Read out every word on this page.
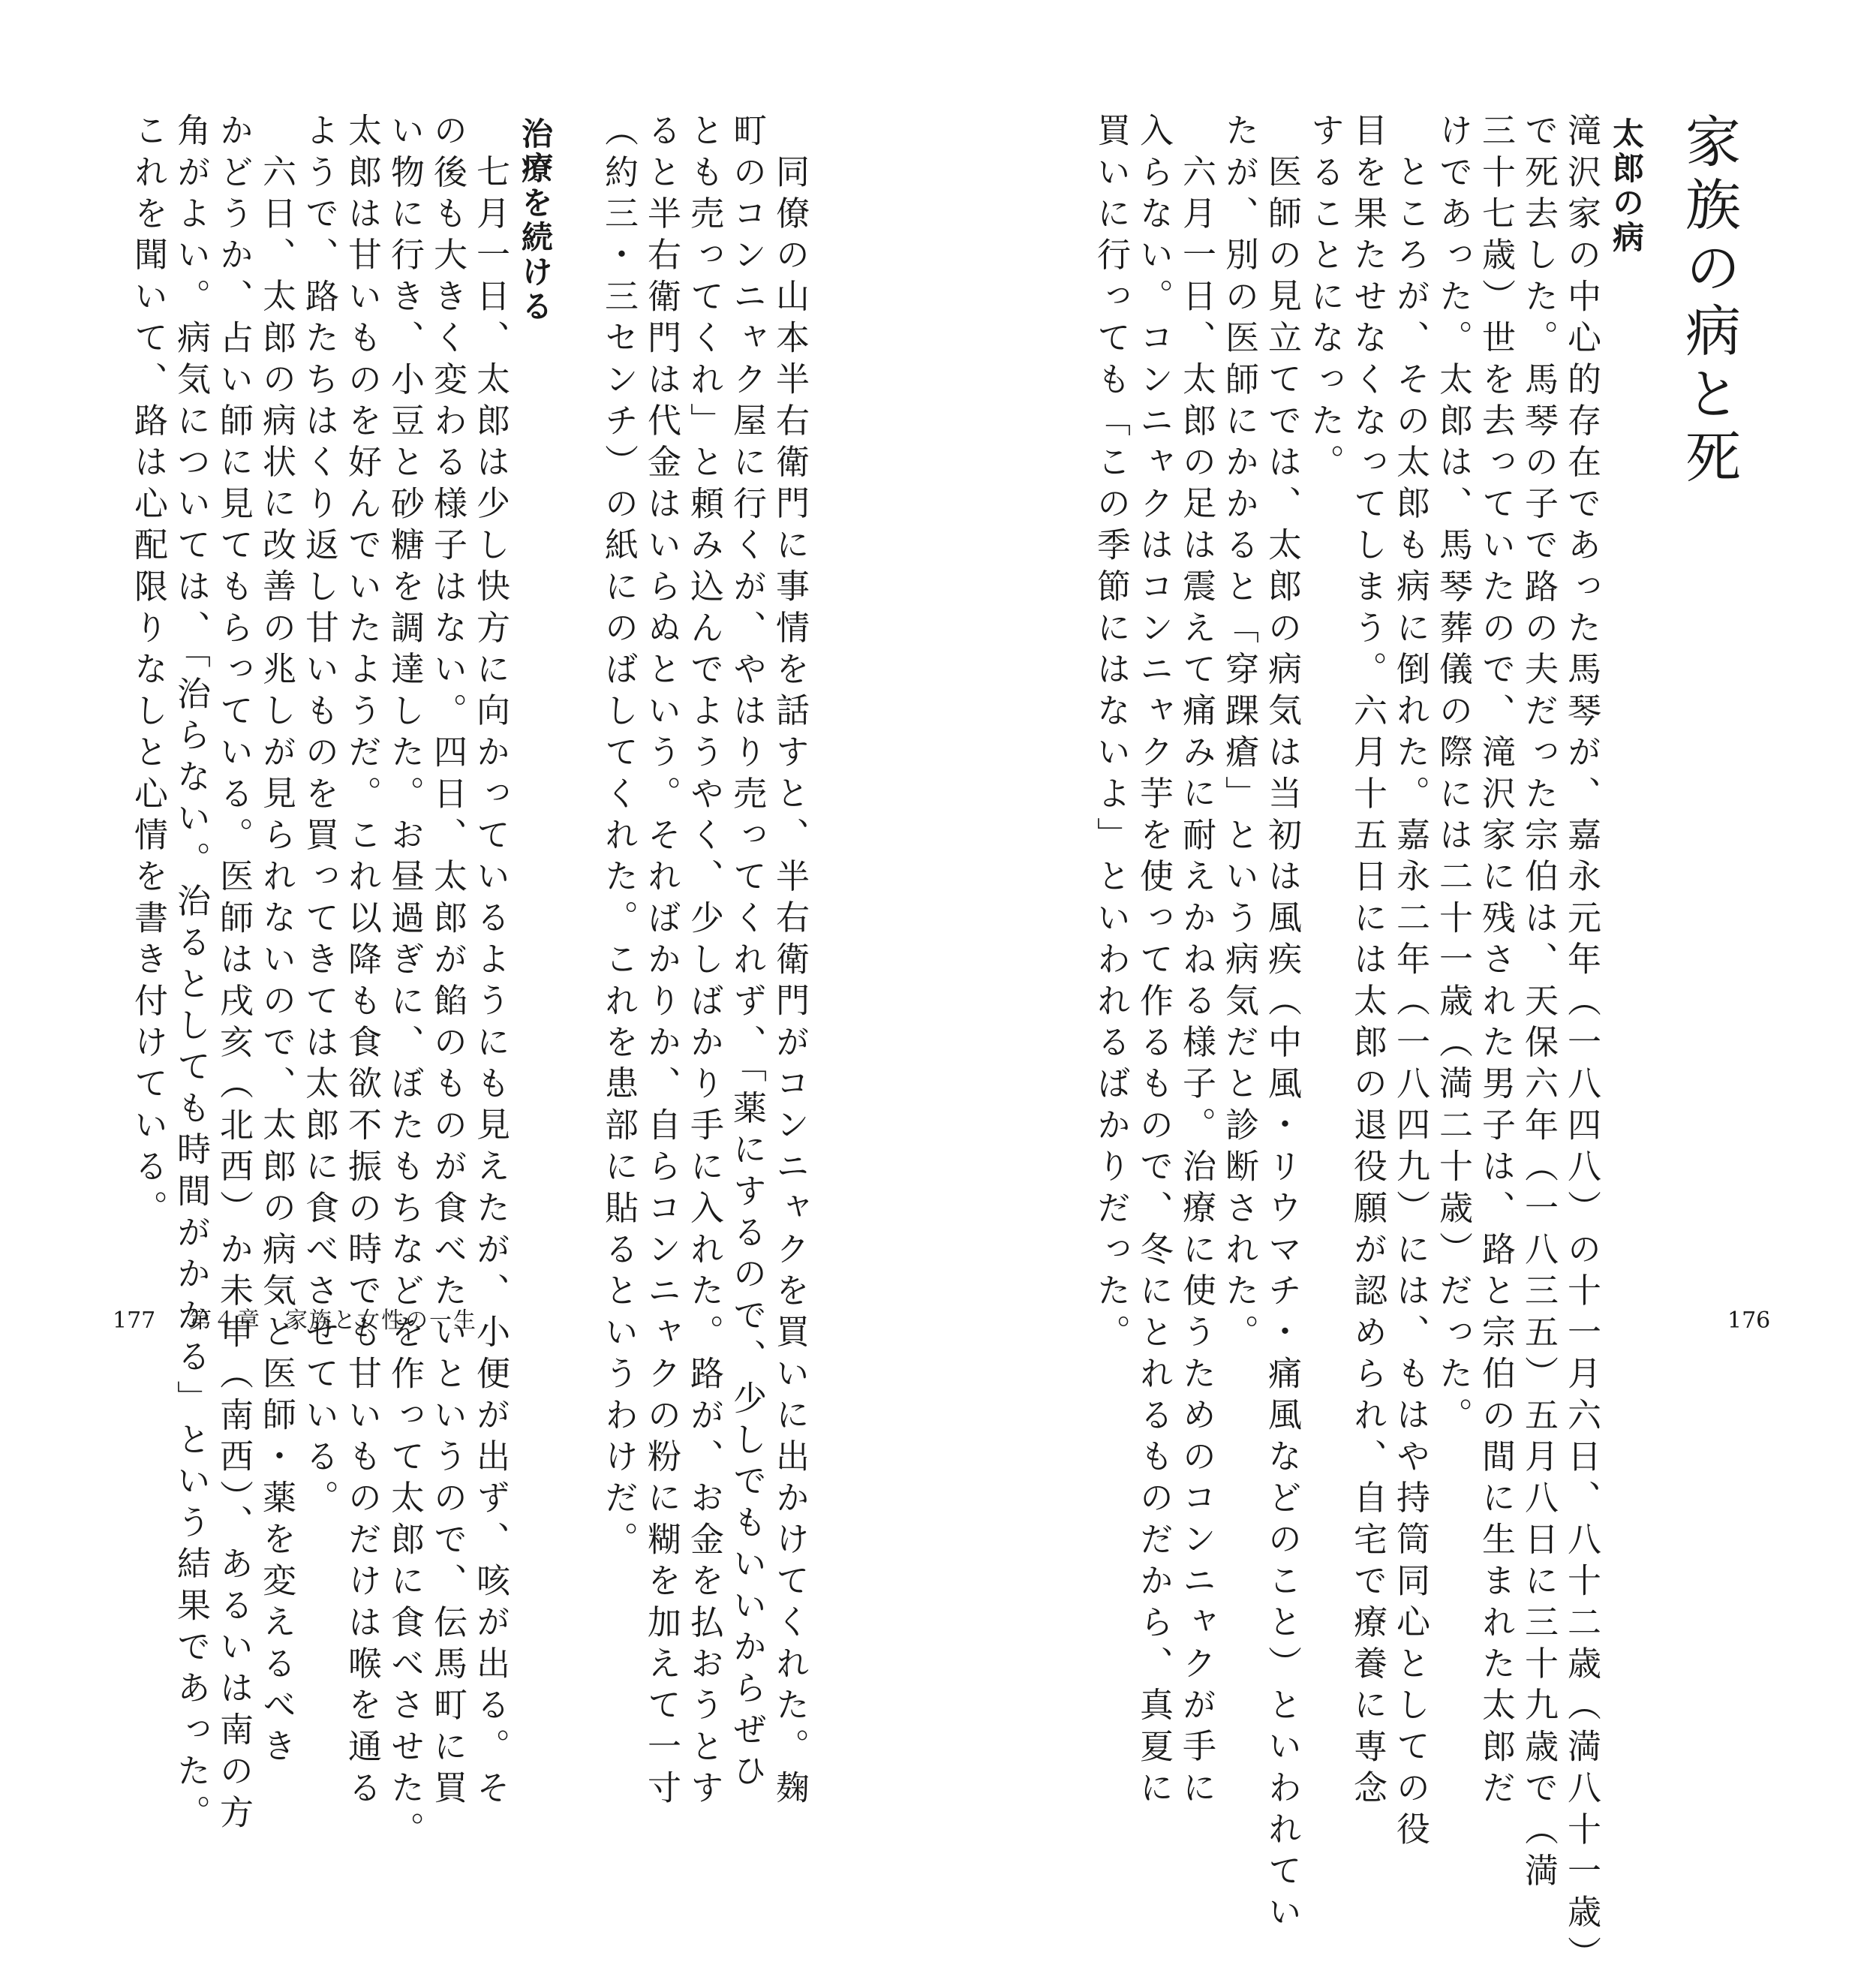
家族の病と死
太郎の病
滝沢家の中心的存在であった馬琴が、嘉永元年（一八四八）の十一月六日、八十二歳（満八十一歳）
で死去した。馬琴の子で路の夫だった宗伯は、天保六年（一八三五）五月八日に三十九歳で（満
三十七歳）世を去っていたので、滝沢家に残された男子は、路と宗伯の間に生まれた太郎だ
けであった。太郎は、馬琴葬儀の際には二十一歳（満二十歳）だった。
ところが、その太郎も病に倒れた。嘉永二年（一八四九）には、もはや持筒同心としての役
目を果たせなくなってしまう。六月十五日には太郎の退役願が認められ、自宅で療養に専念
することになった。
医師の見立てでは、太郎の病気は当初は風疾（中風・リウマチ・痛風などのこと）といわれてい
たが、別の医師にかかると「穿踝瘡」という病気だと診断された。
六月一日、太郎の足は震えて痛みに耐えかねる様子。治療に使うためのコンニャクが手に
入らない。コンニャクはコンニャク芋を使って作るもので、冬にとれるものだから、真夏に
買いに行っても「この季節にはないよ」といわれるばかりだった。	176
同僚の山本半右衛門に事情を話すと、半右衛門がコンニャクを買いに出かけてくれた。麹
町のコンニャク屋に行くが、やはり売ってくれず、「薬にするので、少しでもいいからぜひ
とも売ってくれ」と頼み込んでようやく、少しばかり手に入れた。路が、お金を払おうとす
ると半右衛門は代金はいらぬという。そればかりか、自らコンニャクの粉に糊を加えて一寸
（約三・三センチ）の紙にのばしてくれた。これを患部に貼るというわけだ。
治療を続ける
七月一日、太郎は少し快方に向かっているようにも見えたが、小便が出ず、咳が出る。そ
の後も大きく変わる様子はない。四日、太郎が餡のものが食べたいというので、伝馬町に買
い物に行き、小豆と砂糖を調達した。お昼過ぎに、ぼたもちなどを作って太郎に食べさせた。
太郎は甘いものを好んでいたようだ。これ以降も食欲不振の時でも甘いものだけは喉を通る
ようで、路たちはくり返し甘いものを買ってきては太郎に食べさせている。
六日、太郎の病状に改善の兆しが見られないので、太郎の病気と医師・薬を変えるべき
かどうか、占い師に見てもらっている。医師は戌亥（北西）か未申（南西）、あるいは南の方
角がよい。病気については、「治らない。治るとしても時間がかかる」という結果であった。
これを聞いて、路は心配限りなしと心情を書き付けている。
177 第４章　家族と女性の一生
